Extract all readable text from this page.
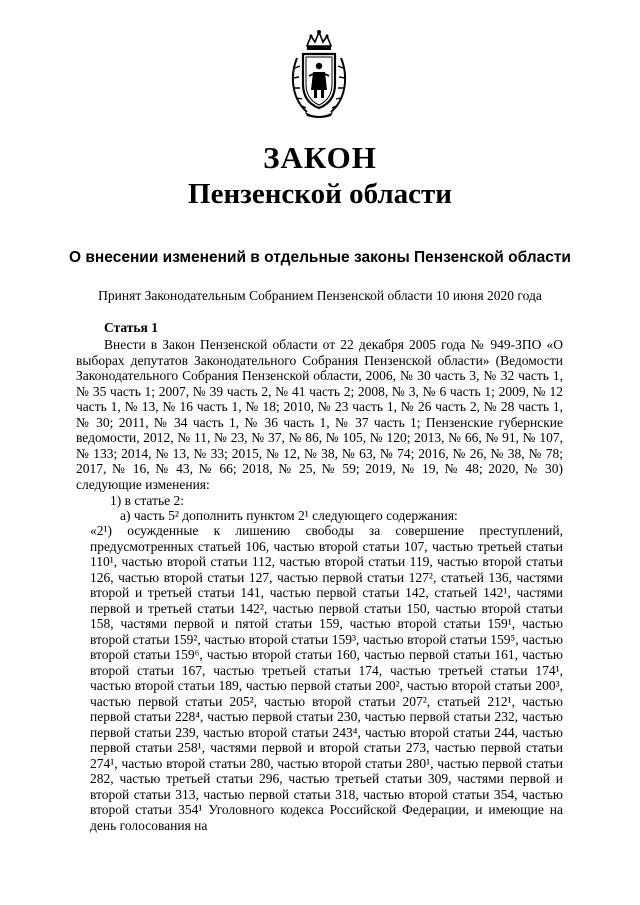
ЗАКОН
Пензенской области
О внесении изменений в отдельные законы Пензенской области
Принят Законодательным Собранием Пензенской области 10 июня 2020 года
Статья 1
Внести в Закон Пензенской области от 22 декабря 2005 года № 949-ЗПО «О выборах депутатов Законодательного Собрания Пензенской области» (Ведомости Законодательного Собрания Пензенской области, 2006, № 30 часть 3, № 32 часть 1, № 35 часть 1; 2007, № 39 часть 2, № 41 часть 2; 2008, № 3, № 6 часть 1; 2009, № 12 часть 1, № 13, № 16 часть 1, № 18; 2010, № 23 часть 1, № 26 часть 2, № 28 часть 1, № 30; 2011, № 34 часть 1, № 36 часть 1, № 37 часть 1; Пензенские губернские ведомости, 2012, № 11, № 23, № 37, № 86, № 105, № 120; 2013, № 66, № 91, № 107, № 133; 2014, № 13, № 33; 2015, № 12, № 38, № 63, № 74; 2016, № 26, № 38, № 78; 2017, № 16, № 43, № 66; 2018, № 25, № 59; 2019, № 19, № 48; 2020, № 30) следующие изменения:
1) в статье 2:
а) часть 5² дополнить пунктом 2¹ следующего содержания:
«2¹) осужденные к лишению свободы за совершение преступлений, предусмотренных статьей 106, частью второй статьи 107, частью третьей статьи 110¹, частью второй статьи 112, частью второй статьи 119, частью второй статьи 126, частью второй статьи 127, частью первой статьи 127², статьей 136, частями второй и третьей статьи 141, частью первой статьи 142, статьей 142¹, частями первой и третьей статьи 142², частью первой статьи 150, частью второй статьи 158, частями первой и пятой статьи 159, частью второй статьи 159¹, частью второй статьи 159², частью второй статьи 159³, частью второй статьи 159⁵, частью второй статьи 159⁶, частью второй статьи 160, частью первой статьи 161, частью второй статьи 167, частью третьей статьи 174, частью третьей статьи 174¹, частью второй статьи 189, частью первой статьи 200², частью второй статьи 200³, частью первой статьи 205², частью второй статьи 207², статьей 212¹, частью первой статьи 228⁴, частью первой статьи 230, частью первой статьи 232, частью первой статьи 239, частью второй статьи 243⁴, частью второй статьи 244, частью первой статьи 258¹, частями первой и второй статьи 273, частью первой статьи 274¹, частью второй статьи 280, частью второй статьи 280¹, частью первой статьи 282, частью третьей статьи 296, частью третьей статьи 309, частями первой и второй статьи 313, частью первой статьи 318, частью второй статьи 354, частью второй статьи 354¹ Уголовного кодекса Российской Федерации, и имеющие на день голосования на
